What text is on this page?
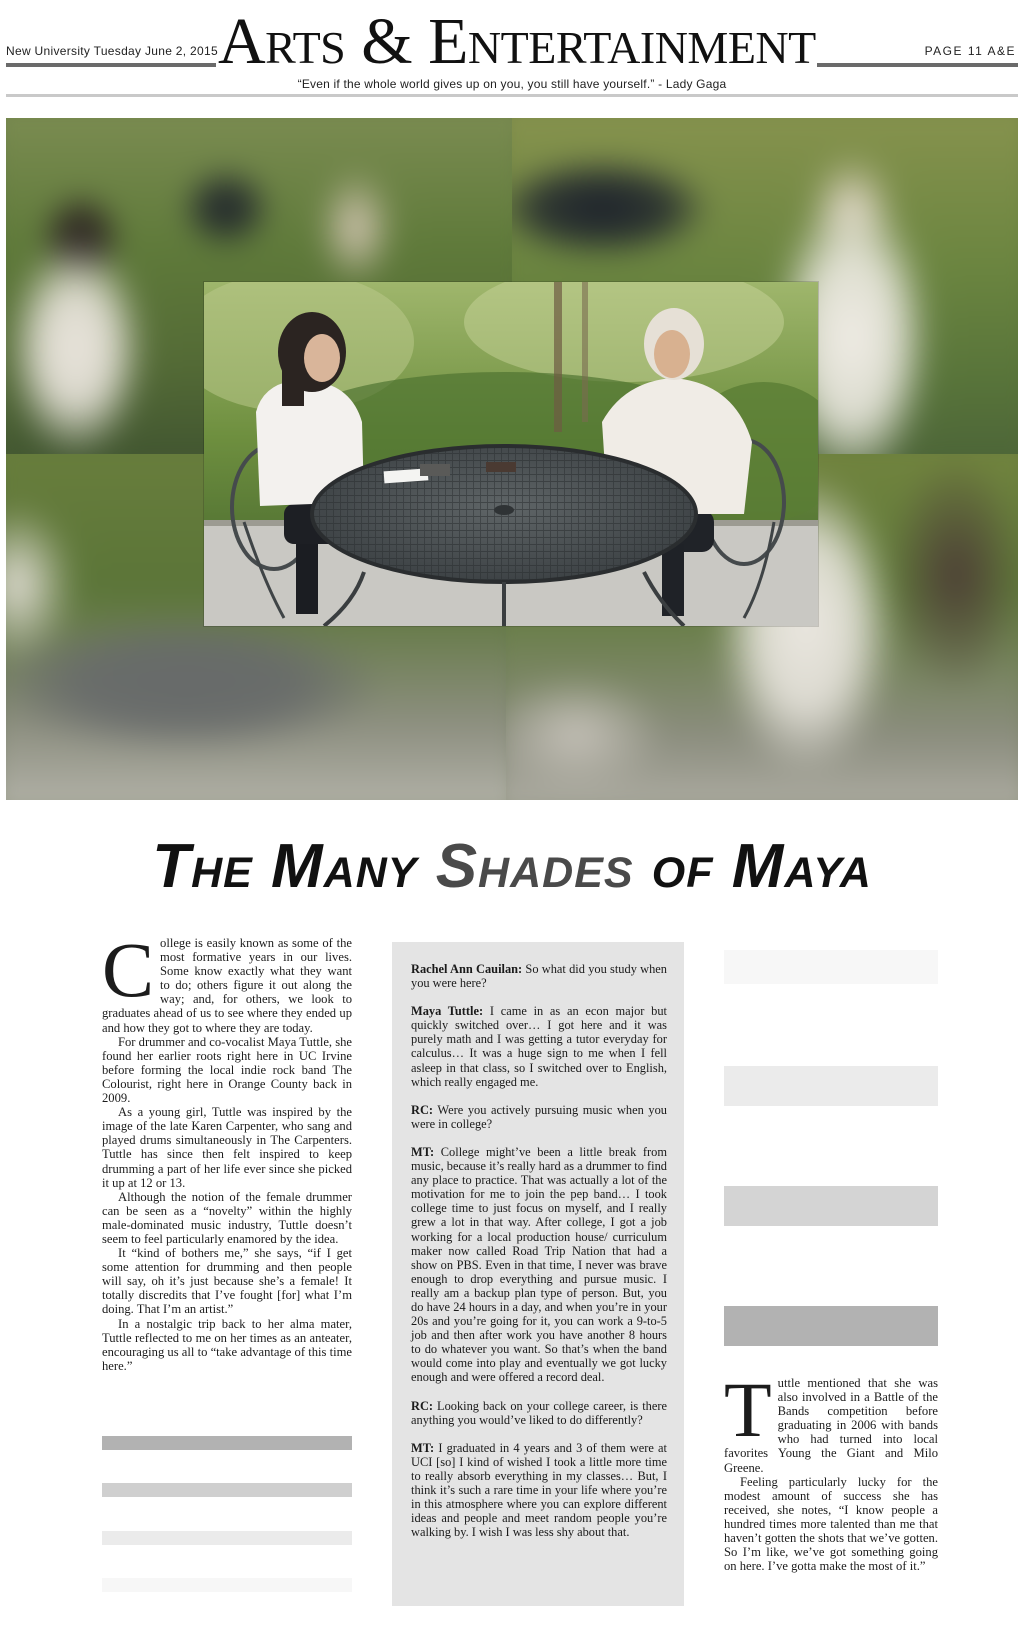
New University Tuesday June 2, 2015 Arts & Entertainment	PAGE 11 A&E
“Even if the whole world gives up on you, you still have yourself.” - Lady Gaga
The Many Shades of Maya

College is easily known as some of the most formative years in our lives. Some know exactly what they want to do; others figure it out along the way; and, for others, we look to graduates ahead of us to see where they ended up and how they got to where they are today.

For drummer and co-vocalist Maya Tuttle, she found her earlier roots right here in UC Irvine before forming the local indie rock band The Colourist, right here in Orange County back in 2009.

As a young girl, Tuttle was inspired by the image of the late Karen Carpenter, who sang and played drums simultaneously in The Carpenters. Tuttle has since then felt inspired to keep drumming a part of her life ever since she picked it up at 12 or 13.

Although the notion of the female drummer can be seen as a “novelty” within the highly male-dominated music industry, Tuttle doesn’t seem to feel particularly enamored by the idea.

It “kind of bothers me,” she says, “if I get some attention for drumming and then people will say, oh it’s just because she’s a female! It totally discredits that I’ve fought [for] what I’m doing. That I’m an artist.”

In a nostalgic trip back to her alma mater, Tuttle reflected to me on her times as an anteater, encouraging us all to “take advantage of this time here.”

Rachel Ann Cauilan: So what did you study when you were here?

Maya Tuttle: I came in as an econ major but quickly switched over… I got here and it was purely math and I was getting a tutor everyday for calculus… It was a huge sign to me when I fell asleep in that class, so I switched over to English, which really engaged me.

RC: Were you actively pursuing music when you were in college?

MT: College might’ve been a little break from music, because it’s really hard as a drummer to find any place to practice. That was actually a lot of the motivation for me to join the pep band… I took college time to just focus on myself, and I really grew a lot in that way. After college, I got a job working for a local production house/ curriculum maker now called Road Trip Nation that had a show on PBS. Even in that time, I never was brave enough to drop everything and pursue music. I really am a backup plan type of person. But, you do have 24 hours in a day, and when you’re in your 20s and you’re going for it, you can work a 9-to-5 job and then after work you have another 8 hours to do whatever you want. So that’s when the band would come into play and eventually we got lucky enough and were offered a record deal.

RC: Looking back on your college career, is there anything you would’ve liked to do differently?

MT: I graduated in 4 years and 3 of them were at UCI [so] I kind of wished I took a little more time to really absorb everything in my classes… But, I think it’s such a rare time in your life where you’re in this atmosphere where you can explore different ideas and people and meet random people you’re walking by. I wish I was less shy about that.

Tuttle mentioned that she was also involved in a Battle of the Bands competition before graduating in 2006 with bands who had turned into local favorites Young the Giant and Milo Greene.

Feeling particularly lucky for the modest amount of success she has received, she notes, “I know people a hundred times more talented than me that haven’t gotten the shots that we’ve gotten. So I’m like, we’ve got something going on here. I’ve gotta make the most of it.”
